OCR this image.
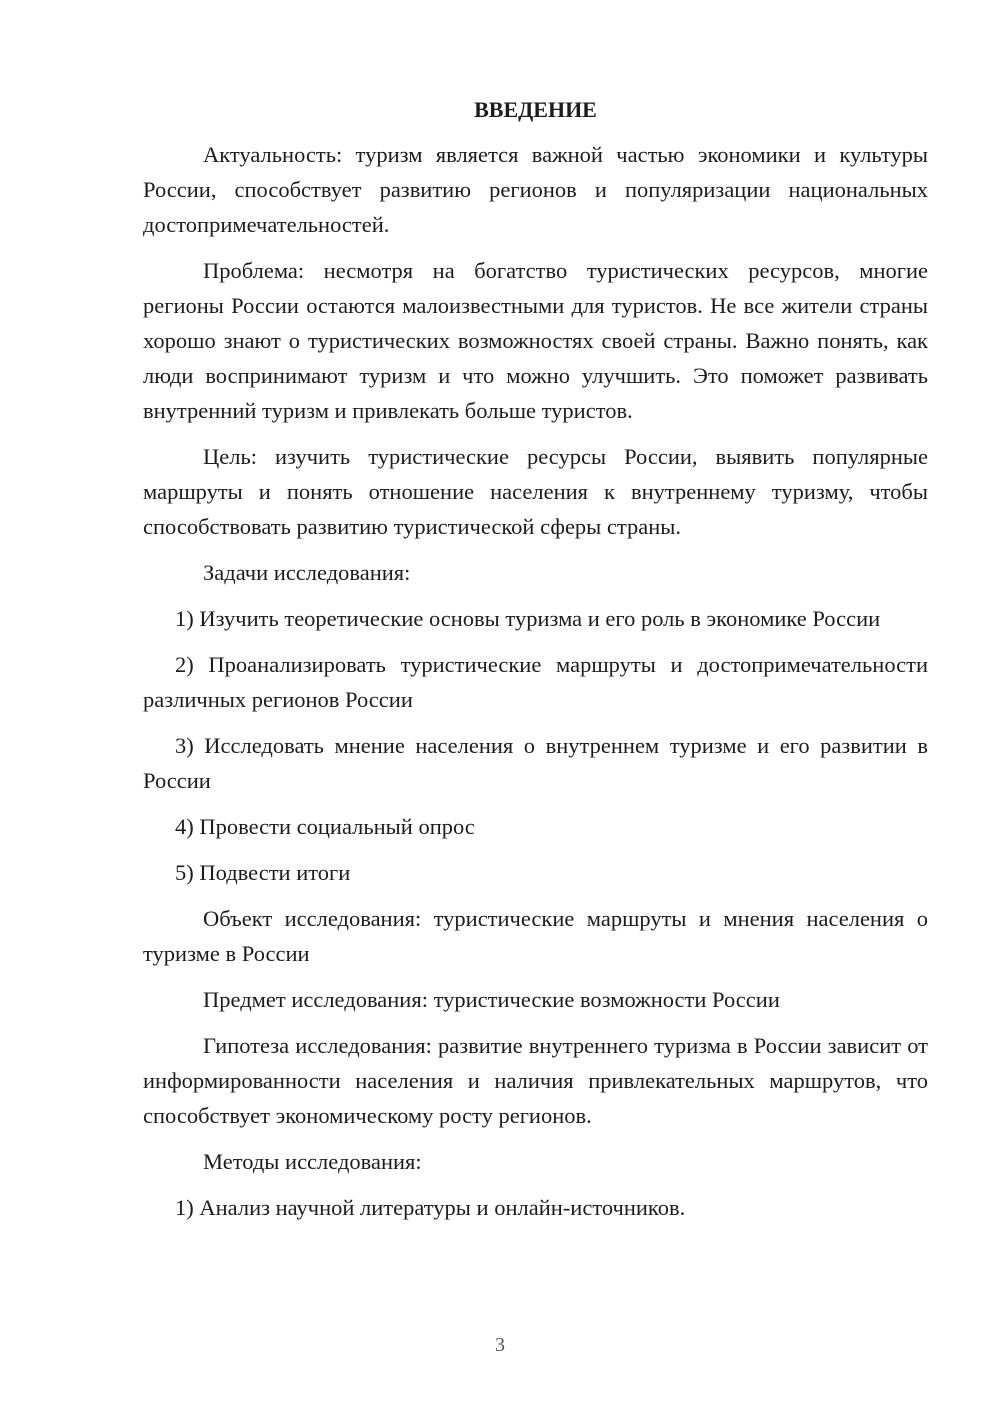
ВВЕДЕНИЕ

Актуальность: туризм является важной частью экономики и культуры России, способствует развитию регионов и популяризации национальных достопримечательностей.

Проблема: несмотря на богатство туристических ресурсов, многие регионы России остаются малоизвестными для туристов. Не все жители страны хорошо знают о туристических возможностях своей страны. Важно понять, как люди воспринимают туризм и что можно улучшить. Это поможет развивать внутренний туризм и привлекать больше туристов.

Цель: изучить туристические ресурсы России, выявить популярные маршруты и понять отношение населения к внутреннему туризму, чтобы способствовать развитию туристической сферы страны.

Задачи исследования:

1) Изучить теоретические основы туризма и его роль в экономике России

2) Проанализировать туристические маршруты и достопримечательности различных регионов России

3) Исследовать мнение населения о внутреннем туризме и его развитии в России

4) Провести социальный опрос

5) Подвести итоги

Объект исследования: туристические маршруты и мнения населения о туризме в России

Предмет исследования: туристические возможности России

Гипотеза исследования: развитие внутреннего туризма в России зависит от информированности населения и наличия привлекательных маршрутов, что способствует экономическому росту регионов.

Методы исследования:

1) Анализ научной литературы и онлайн-источников.

3
